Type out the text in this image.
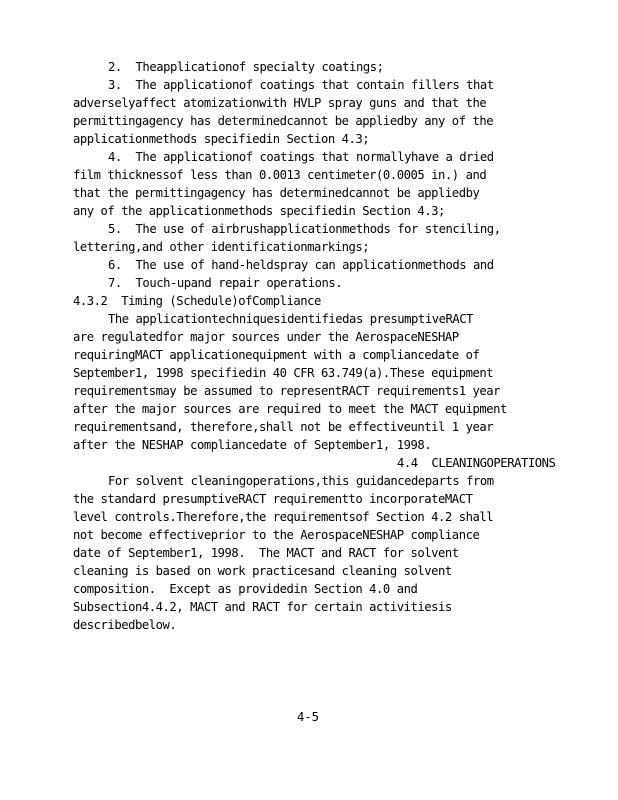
2.  Theapplicationof specialty coatings;
3.  The applicationof coatings that contain fillers that
adverselyaffect atomizationwith HVLP spray guns and that the
permittingagency has determinedcannot be appliedby any of the
applicationmethods specifiedin Section 4.3;
4.  The applicationof coatings that normallyhave a dried
film thicknessof less than 0.0013 centimeter(0.0005 in.) and
that the permittingagency has determinedcannot be appliedby
any of the applicationmethods specifiedin Section 4.3;
5.  The use of airbrushapplicationmethods for stenciling,
lettering,and other identificationmarkings;
6.  The use of hand-heldspray can applicationmethods and
7.  Touch-upand repair operations.
4.3.2  Timing (Schedule)ofCompliance
The applicationtechniquesidentifiedas presumptiveRACT
are regulatedfor major sources under the AerospaceNESHAP
requiringMACT applicationequipment with a compliancedate of
September1, 1998 specifiedin 40 CFR 63.749(a).These equipment
requirementsmay be assumed to representRACT requirements1 year
after the major sources are required to meet the MACT equipment
requirementsand, therefore,shall not be effectiveuntil 1 year
after the NESHAP compliancedate of September1, 1998.
4.4  CLEANINGOPERATIONS
For solvent cleaningoperations,this guidancedeparts from
the standard presumptiveRACT requirementto incorporateMACT
level controls.Therefore,the requirementsof Section 4.2 shall
not become effectiveprior to the AerospaceNESHAP compliance
date of September1, 1998.  The MACT and RACT for solvent
cleaning is based on work practicesand cleaning solvent
composition.  Except as providedin Section 4.0 and
Subsection4.4.2, MACT and RACT for certain activitiesis
describedbelow.
4-5
